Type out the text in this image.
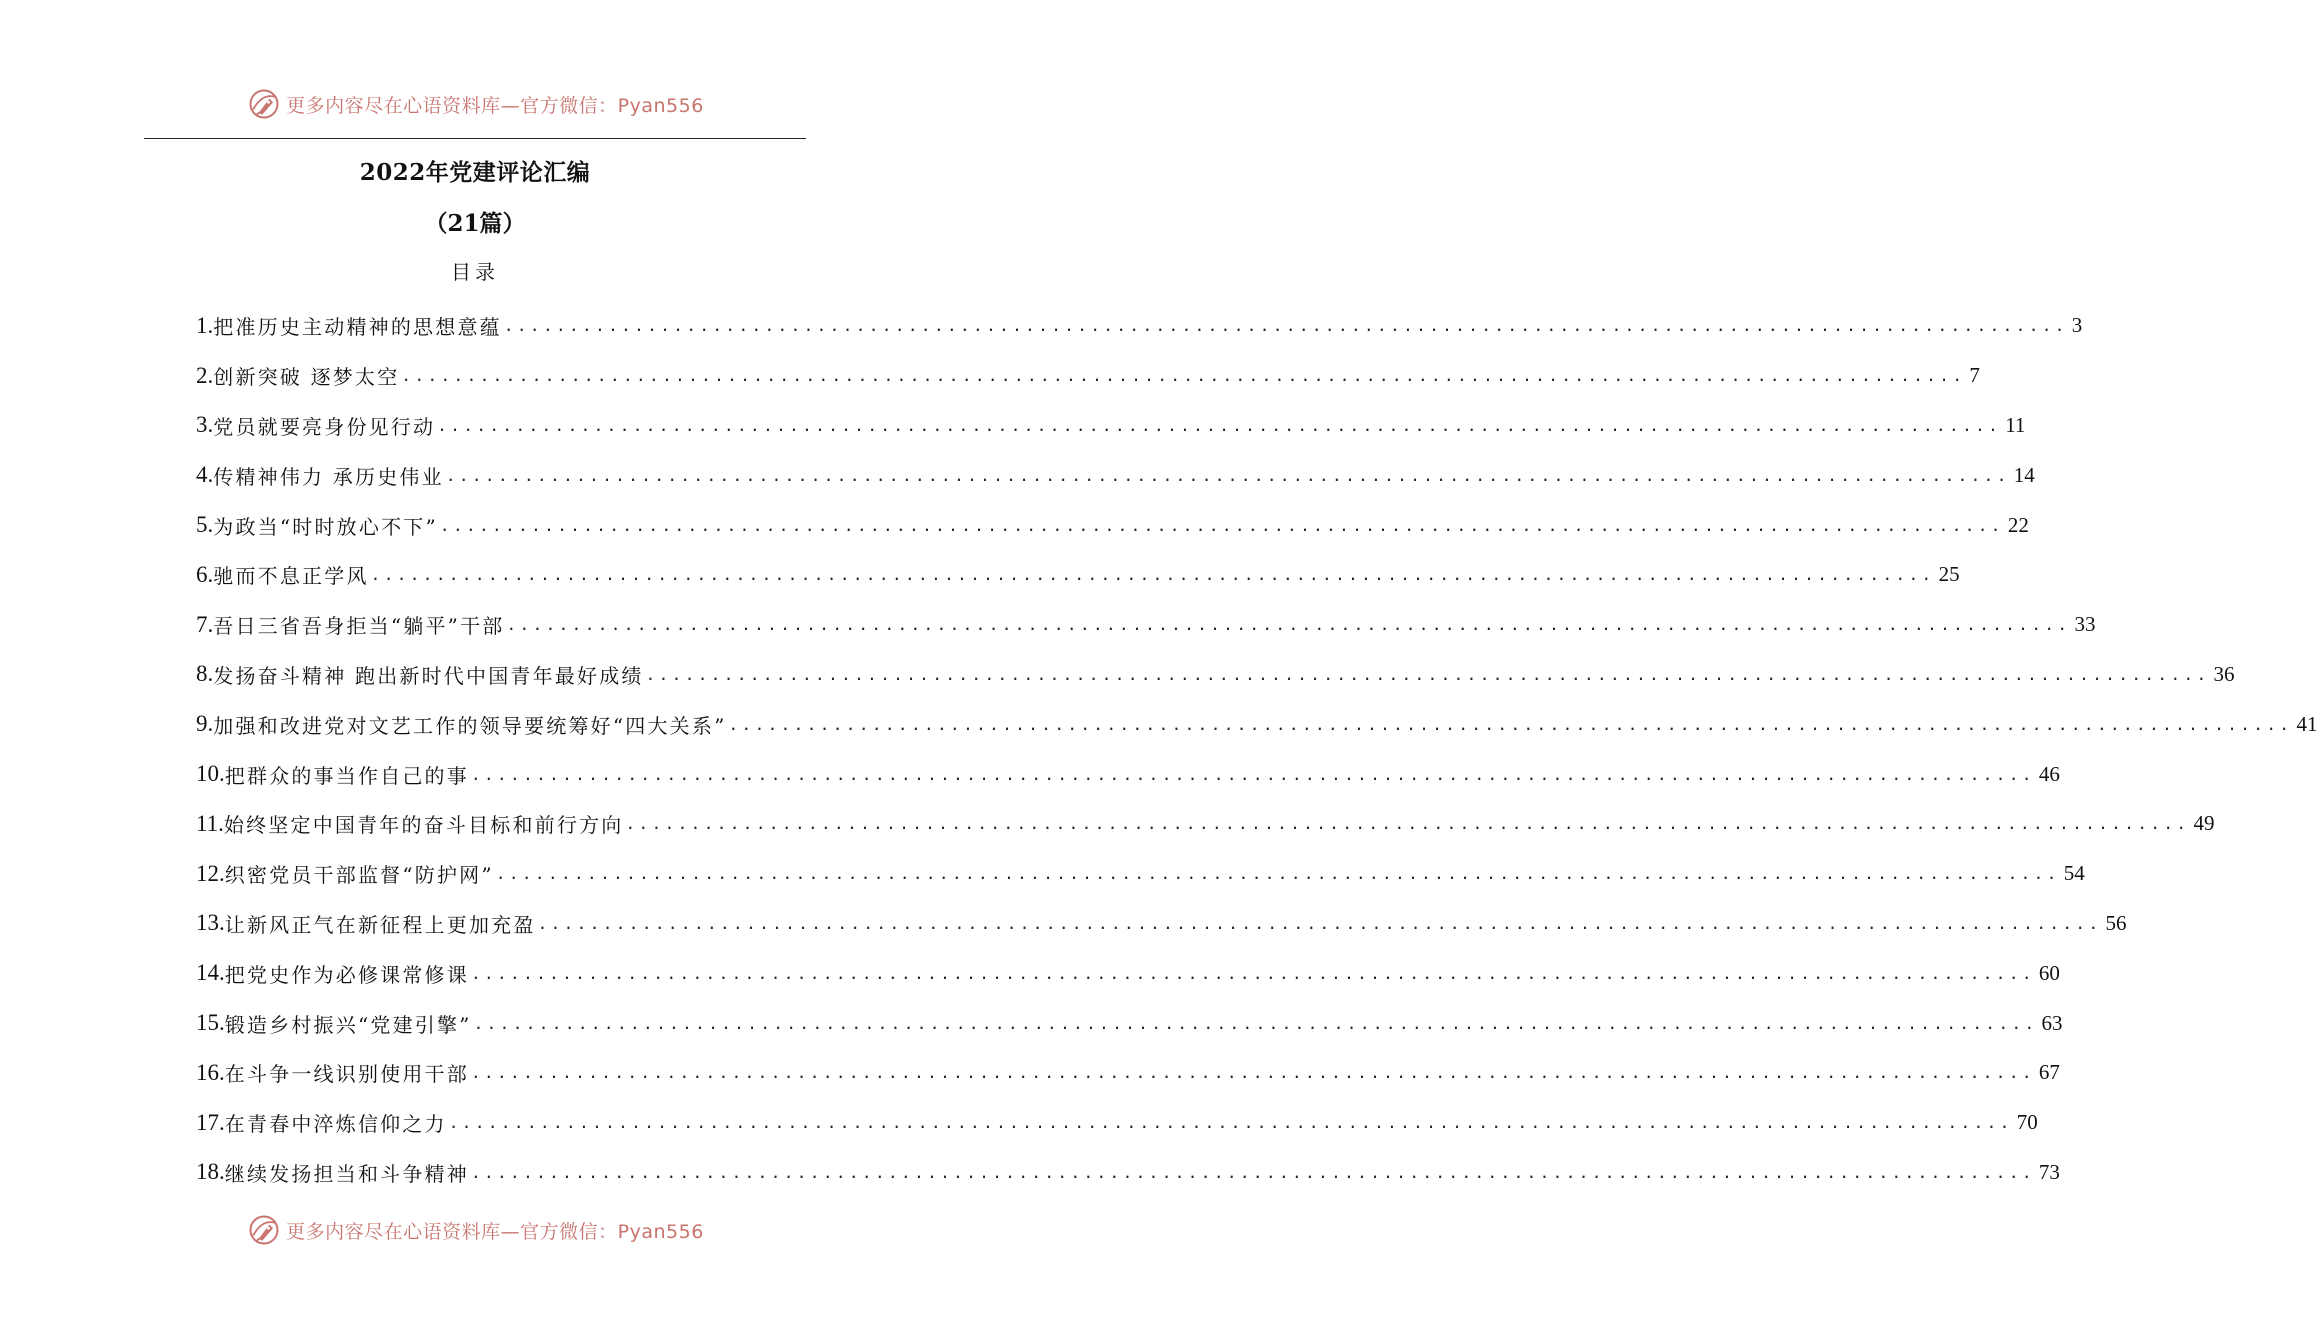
更多内容尽在心语资料库—官方微信：Pyan556
2022年党建评论汇编
（21篇）
目录
1. 把准历史主动精神的思想意蕴 ........................................................................................................................ 3
2. 创新突破 逐梦太空 ........................................................................................................................ 7
3. 党员就要亮身份见行动 ........................................................................................................................ 11
4. 传精神伟力 承历史伟业 ........................................................................................................................ 14
5. 为政当“时时放心不下” ........................................................................................................................ 22
6. 驰而不息正学风 ........................................................................................................................ 25
7. 吾日三省吾身拒当“躺平”干部 ........................................................................................................................ 33
8. 发扬奋斗精神 跑出新时代中国青年最好成绩 ........................................................................................................................ 36
9. 加强和改进党对文艺工作的领导要统筹好“四大关系” ........................................................................................................................ 41
10. 把群众的事当作自己的事 ........................................................................................................................ 46
11. 始终坚定中国青年的奋斗目标和前行方向 ........................................................................................................................ 49
12. 织密党员干部监督“防护网” ........................................................................................................................ 54
13. 让新风正气在新征程上更加充盈 ........................................................................................................................ 56
14. 把党史作为必修课常修课 ........................................................................................................................ 60
15. 锻造乡村振兴“党建引擎” ........................................................................................................................ 63
16. 在斗争一线识别使用干部 ........................................................................................................................ 67
17. 在青春中淬炼信仰之力 ........................................................................................................................ 70
18. 继续发扬担当和斗争精神 ........................................................................................................................ 73
更多内容尽在心语资料库—官方微信：Pyan556
